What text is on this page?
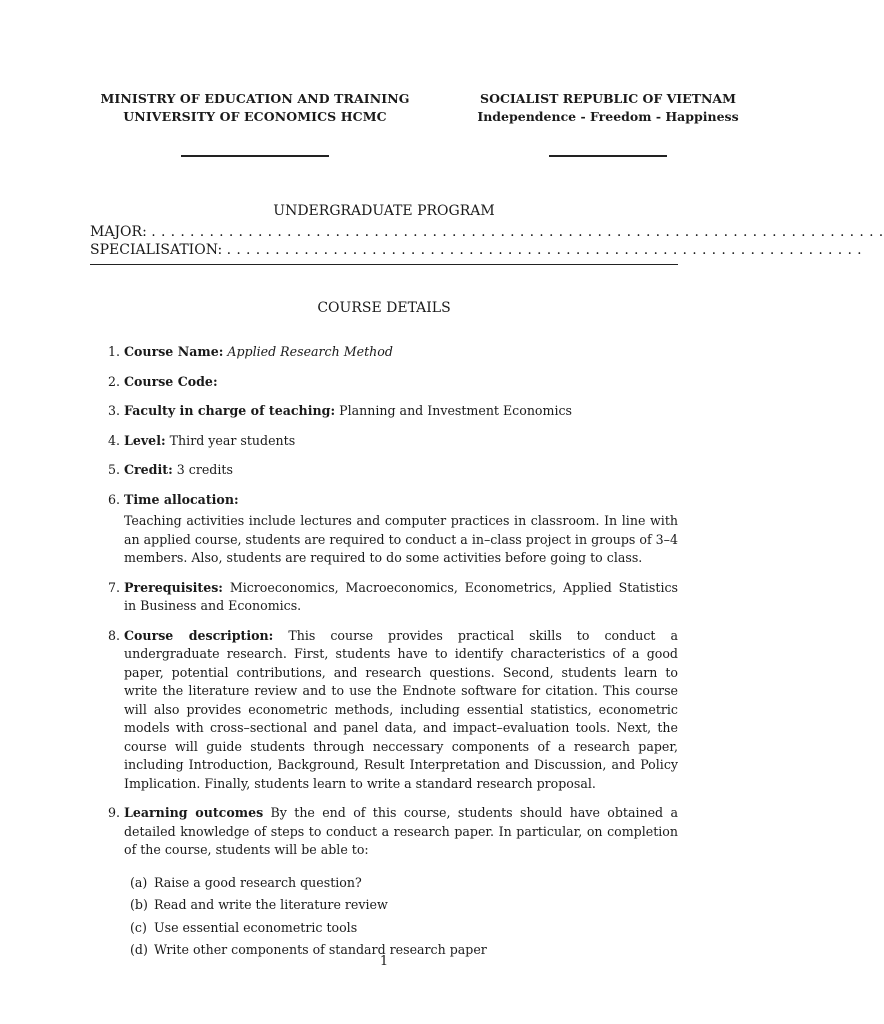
MINISTRY OF EDUCATION AND TRAINING
UNIVERSITY OF ECONOMICS HCMC
SOCIALIST REPUBLIC OF VIETNAM
Independence - Freedom - Happiness
UNDERGRADUATE PROGRAM
MAJOR: . . . . . . . . . . . . . . . . . . . . . . . . . . . . . . . . . . . . . . . . . . . . . . . . . . . . . . . . . . . . . . . . . . . . . . . . . . . .
SPECIALISATION: . . . . . . . . . . . . . . . . . . . . . . . . . . . . . . . . . . . . . . . . . . . . . . . . . . . . . . . . . . . . . . . . . .
COURSE DETAILS
1. Course Name: Applied Research Method
2. Course Code:
3. Faculty in charge of teaching: Planning and Investment Economics
4. Level: Third year students
5. Credit: 3 credits
6. Time allocation:
Teaching activities include lectures and computer practices in classroom. In line with an applied course, students are required to conduct a in–class project in groups of 3–4 members. Also, students are required to do some activities before going to class.
7. Prerequisites: Microeconomics, Macroeconomics, Econometrics, Applied Statistics in Business and Economics.
8. Course description: This course provides practical skills to conduct a undergraduate research. First, students have to identify characteristics of a good paper, potential contributions, and research questions. Second, students learn to write the literature review and to use the Endnote software for citation. This course will also provides econometric methods, including essential statistics, econometric models with cross–sectional and panel data, and impact–evaluation tools. Next, the course will guide students through neccessary components of a research paper, including Introduction, Background, Result Interpretation and Discussion, and Policy Implication. Finally, students learn to write a standard research proposal.
9. Learning outcomes By the end of this course, students should have obtained a detailed knowledge of steps to conduct a research paper. In particular, on completion of the course, students will be able to:
(a) Raise a good research question?
(b) Read and write the literature review
(c) Use essential econometric tools
(d) Write other components of standard research paper
1
